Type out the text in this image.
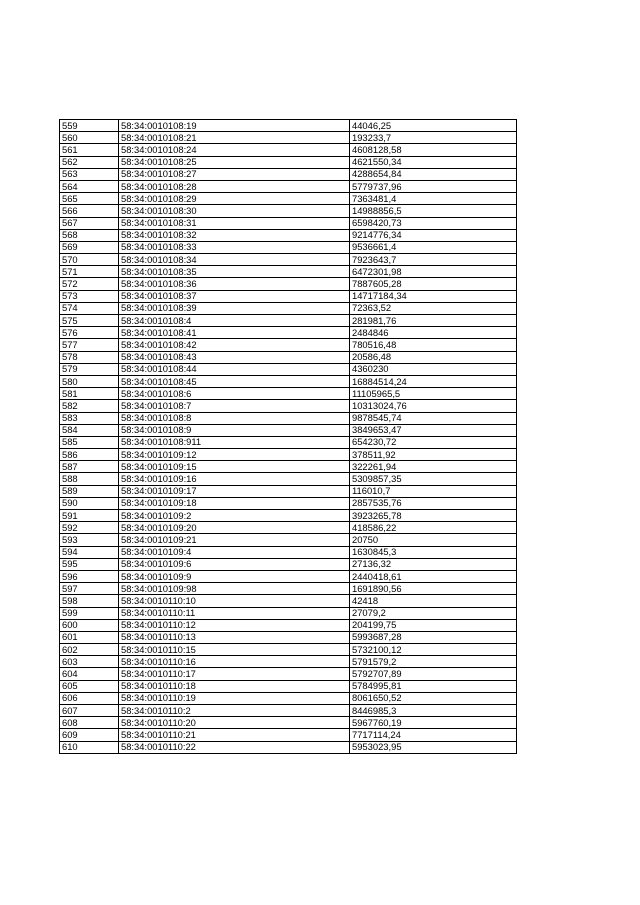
559	58:34:0010108:19	44046,25
560	58:34:0010108:21	193233,7
561	58:34:0010108:24	4608128,58
562	58:34:0010108:25	4621550,34
563	58:34:0010108:27	4288654,84
564	58:34:0010108:28	5779737,96
565	58:34:0010108:29	7363481,4
566	58:34:0010108:30	14988856,5
567	58:34:0010108:31	6598420,73
568	58:34:0010108:32	9214776,34
569	58:34:0010108:33	9536661,4
570	58:34:0010108:34	7923643,7
571	58:34:0010108:35	6472301,98
572	58:34:0010108:36	7887605,28
573	58:34:0010108:37	14717184,34
574	58:34:0010108:39	72363,52
575	58:34:0010108:4	281981,76
576	58:34:0010108:41	2484846
577	58:34:0010108:42	780516,48
578	58:34:0010108:43	20586,48
579	58:34:0010108:44	4360230
580	58:34:0010108:45	16884514,24
581	58:34:0010108:6	11105965,5
582	58:34:0010108:7	10313024,76
583	58:34:0010108:8	9878545,74
584	58:34:0010108:9	3849653,47
585	58:34:0010108:911	654230,72
586	58:34:0010109:12	378511,92
587	58:34:0010109:15	322261,94
588	58:34:0010109:16	5309857,35
589	58:34:0010109:17	116010,7
590	58:34:0010109:18	2857535,76
591	58:34:0010109:2	3923265,78
592	58:34:0010109:20	418586,22
593	58:34:0010109:21	20750
594	58:34:0010109:4	1630845,3
595	58:34:0010109:6	27136,32
596	58:34:0010109:9	2440418,61
597	58:34:0010109:98	1691890,56
598	58:34:0010110:10	42418
599	58:34:0010110:11	27079,2
600	58:34:0010110:12	204199,75
601	58:34:0010110:13	5993687,28
602	58:34:0010110:15	5732100,12
603	58:34:0010110:16	5791579,2
604	58:34:0010110:17	5792707,89
605	58:34:0010110:18	5784995,81
606	58:34:0010110:19	8061650,52
607	58:34:0010110:2	8446985,3
608	58:34:0010110:20	5967760,19
609	58:34:0010110:21	7717114,24
610	58:34:0010110:22	5953023,95
